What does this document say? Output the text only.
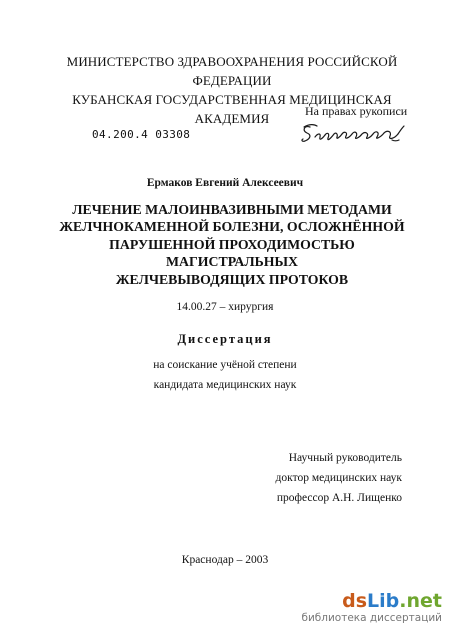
МИНИСТЕРСТВО ЗДРАВООХРАНЕНИЯ РОССИЙСКОЙ ФЕДЕРАЦИИ
КУБАНСКАЯ ГОСУДАРСТВЕННАЯ МЕДИЦИНСКАЯ АКАДЕМИЯ	На правах рукописи
04.200.4 03308
Ермаков Евгений Алексеевич
ЛЕЧЕНИЕ МАЛОИНВАЗИВНЫМИ МЕТОДАМИ
ЖЕЛЧНОКАМЕННОЙ БОЛЕЗНИ, ОСЛОЖНЁННОЙ
ПАРУШЕННОЙ ПРОХОДИМОСТЬЮ МАГИСТРАЛЬНЫХ
ЖЕЛЧЕВЫВОДЯЩИХ ПРОТОКОВ
14.00.27 – хирургия
Диссертация
на соискание учёной степени
кандидата медицинских наук
Научный руководитель
доктор медицинских наук
профессор А.Н. Лищенко
Краснодар – 2003
dsLib.net
библиотека диссертаций
